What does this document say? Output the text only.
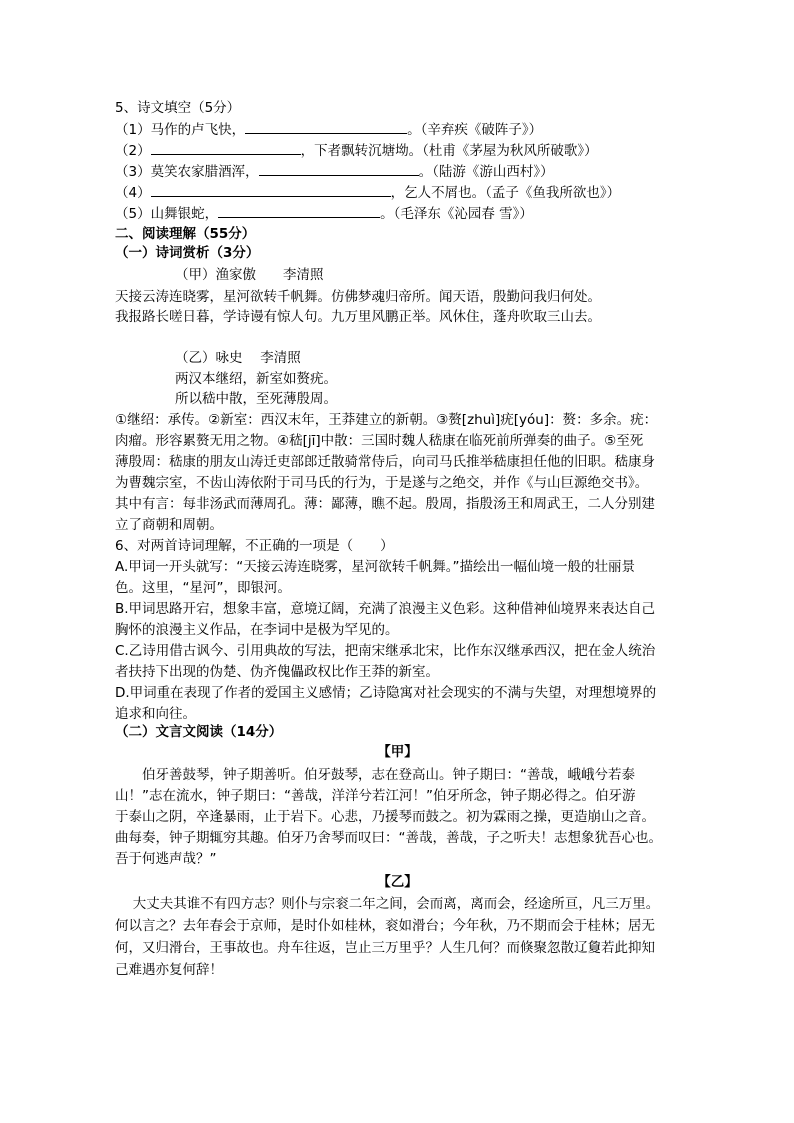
5、诗文填空（5分）
（1）马作的卢飞快，	。（辛弃疾《破阵子》）
（2）	，下者飘转沉塘坳。（杜甫《茅屋为秋风所破歌》）
（3）莫笑农家腊酒浑，	。（陆游《游山西村》）
（4）	，乞人不屑也。（孟子《鱼我所欲也》）
（5）山舞银蛇，	。（毛泽东《沁园春 雪》）
二、阅读理解（55分）
（一）诗词赏析（3分）
（甲）渔家傲　　李清照
天接云涛连晓雾，星河欲转千帆舞。仿佛梦魂归帝所。闻天语，殷勤问我归何处。
我报路长嗟日暮，学诗谩有惊人句。九万里风鹏正举。风休住，蓬舟吹取三山去。
（乙）咏史　 李清照
两汉本继绍，新室如赘疣。
所以嵇中散，至死薄殷周。
①继绍：承传。②新室：西汉末年，王莽建立的新朝。③赘[zhuì]疣[yóu]：赘：多余。疣：
肉瘤。形容累赘无用之物。④嵇[jī]中散：三国时魏人嵇康在临死前所弹奏的曲子。⑤至死
薄殷周：嵇康的朋友山涛迁吏部郎迁散骑常侍后，向司马氏推举嵇康担任他的旧职。嵇康身
为曹魏宗室，不齿山涛依附于司马氏的行为，于是遂与之绝交，并作《与山巨源绝交书》。
其中有言：每非汤武而薄周孔。薄：鄙薄，瞧不起。殷周，指殷汤王和周武王，二人分别建
立了商朝和周朝。
6、对两首诗词理解，不正确的一项是（　　）
A.甲词一开头就写：“天接云涛连晓雾，星河欲转千帆舞。”描绘出一幅仙境一般的壮丽景
色。这里，“星河”，即银河。
B.甲词思路开宕，想象丰富，意境辽阔，充满了浪漫主义色彩。这种借神仙境界来表达自己
胸怀的浪漫主义作品，在李词中是极为罕见的。
C.乙诗用借古讽今、引用典故的写法，把南宋继承北宋，比作东汉继承西汉，把在金人统治
者扶持下出现的伪楚、伪齐傀儡政权比作王莽的新室。
D.甲词重在表现了作者的爱国主义感情；乙诗隐寓对社会现实的不满与失望，对理想境界的
追求和向往。
（二）文言文阅读（14分）
【甲】
　　伯牙善鼓琴，钟子期善听。伯牙鼓琴，志在登高山。钟子期曰：“善哉，峨峨兮若泰
山！”志在流水，钟子期曰：“善哉，洋洋兮若江河！”伯牙所念，钟子期必得之。伯牙游
于泰山之阴，卒逢暴雨，止于岩下。心悲，乃援琴而鼓之。初为霖雨之操，更造崩山之音。
曲每奏，钟子期辄穷其趣。伯牙乃舍琴而叹曰：“善哉，善哉，子之听夫！志想象犹吾心也。
吾于何逃声哉？”
【乙】
　 大丈夫其谁不有四方志？则仆与宗衮二年之间，会而离，离而会，经途所亘，凡三万里。
何以言之？去年春会于京师，是时仆如桂林，衮如滑台；今年秋，乃不期而会于桂林；居无
何，又归滑台，王事故也。舟车往返，岂止三万里乎？人生几何？而倏聚忽散辽敻若此抑知
己难遇亦复何辞！
